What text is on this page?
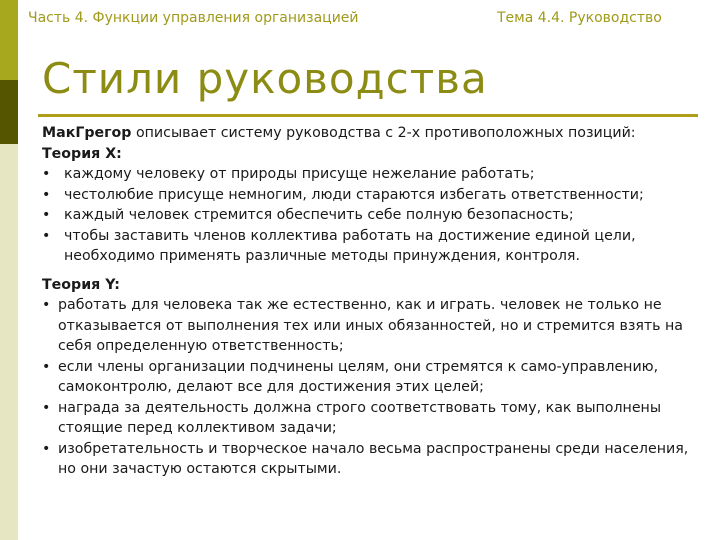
Часть 4. Функции управления организацией	Тема 4.4. Руководство
Стили руководства

МакГрегор описывает систему руководства с 2-х противоположных позиций:

Теория Х:

• каждому человеку от природы присуще нежелание работать;
• честолюбие присуще немногим, люди стараются избегать ответственности;
• каждый человек стремится обеспечить себе полную безопасность;
• чтобы заставить членов коллектива работать на достижение единой цели, необходимо применять различные методы принуждения, контроля.

Теория Y:

• работать для человека так же естественно, как и играть. человек не только не отказывается от выполнения тех или иных обязанностей, но и стремится взять на себя определенную ответственность;
• если члены организации подчинены целям, они стремятся к само-управлению, самоконтролю, делают все для достижения этих целей;
• награда за деятельность должна строго соответствовать тому, как выполнены стоящие перед коллективом задачи;
• изобретательность и творческое начало весьма распространены среди населения, но они зачастую остаются скрытыми.
